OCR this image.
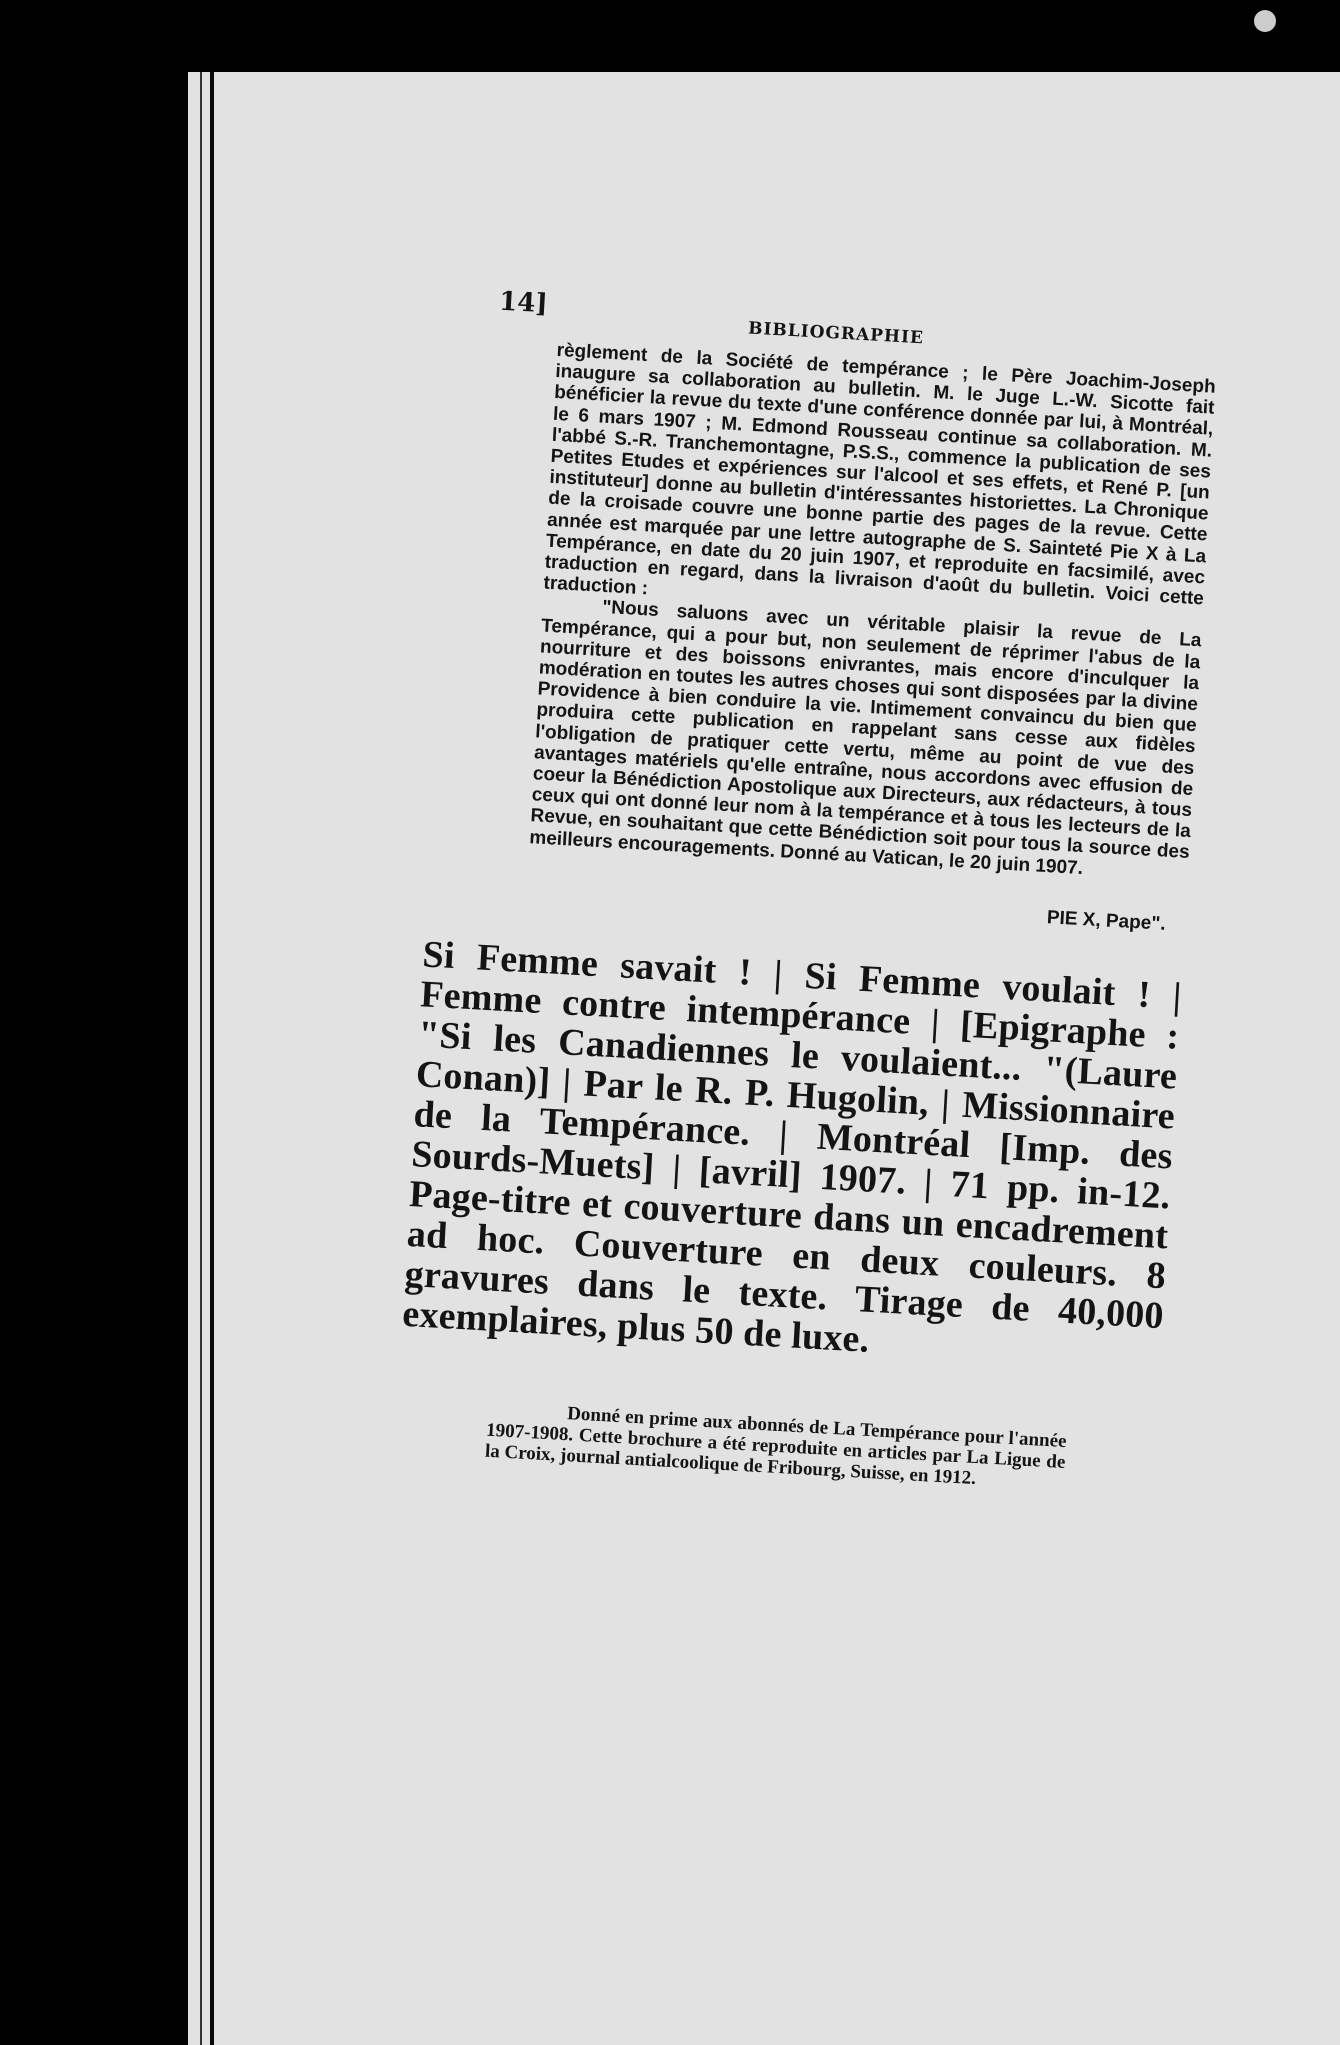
14]
BIBLIOGRAPHIE

règlement de la Société de tempérance ; le Père Joachim-Joseph inaugure sa collaboration au bulletin. M. le Juge L.-W. Sicotte fait bénéficier la revue du texte d'une conférence donnée par lui, à Montréal, le 6 mars 1907 ; M. Edmond Rousseau continue sa collaboration. M. l'abbé S.-R. Tranchemontagne, P.S.S., commence la publication de ses Petites Etudes et expériences sur l'alcool et ses effets, et René P. [un instituteur] donne au bulletin d'intéressantes historiettes. La Chronique de la croisade couvre une bonne partie des pages de la revue. Cette année est marquée par une lettre autographe de S. Sainteté Pie X à La Tempérance, en date du 20 juin 1907, et reproduite en facsimilé, avec traduction en regard, dans la livraison d'août du bulletin. Voici cette traduction :

"Nous saluons avec un véritable plaisir la revue de La Tempérance, qui a pour but, non seulement de réprimer l'abus de la nourriture et des boissons enivrantes, mais encore d'inculquer la modération en toutes les autres choses qui sont disposées par la divine Providence à bien conduire la vie. Intimement convaincu du bien que produira cette publication en rappelant sans cesse aux fidèles l'obligation de pratiquer cette vertu, même au point de vue des avantages matériels qu'elle entraîne, nous accordons avec effusion de coeur la Bénédiction Apostolique aux Directeurs, aux rédacteurs, à tous ceux qui ont donné leur nom à la tempérance et à tous les lecteurs de la Revue, en souhaitant que cette Bénédiction soit pour tous la source des meilleurs encouragements. Donné au Vatican, le 20 juin 1907.

PIE X, Pape".

Si Femme savait ! | Si Femme voulait ! | Femme contre intempérance | [Epigraphe : "Si les Canadiennes le voulaient... "(Laure Conan)] | Par le R. P. Hugolin, | Missionnaire de la Tempérance. | Montréal [Imp. des Sourds-Muets] | [avril] 1907. | 71 pp. in-12. Page-titre et couverture dans un encadrement ad hoc. Couverture en deux couleurs. 8 gravures dans le texte. Tirage de 40,000 exemplaires, plus 50 de luxe.

Donné en prime aux abonnés de La Tempérance pour l'année 1907-1908. Cette brochure a été reproduite en articles par La Ligue de la Croix, journal antialcoolique de Fribourg, Suisse, en 1912.
